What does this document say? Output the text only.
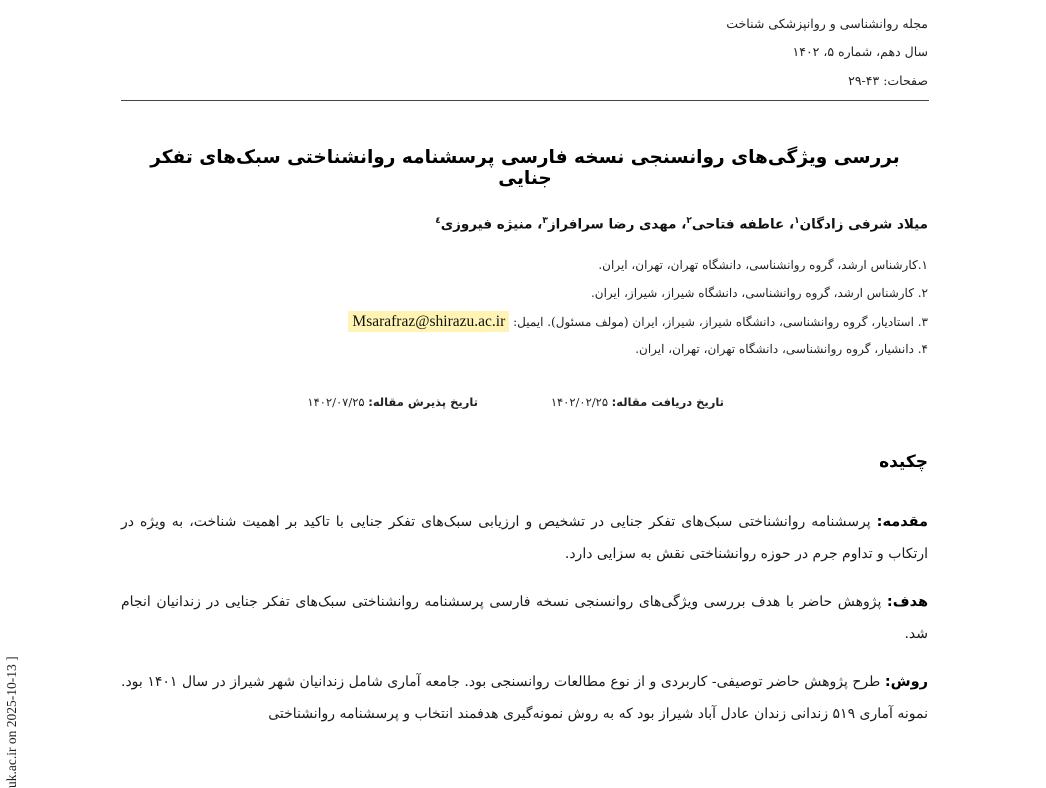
مجله روانشناسی و روانپزشکی شناخت
سال دهم، شماره ۵، ۱۴۰۲
صفحات: ۴۳-۲۹
بررسی ویژگی‌های روانسنجی نسخه فارسی پرسشنامه روانشناختی سبک‌های تفکر جنایی
میلاد شرفی زادگان$^۱$، عاطفه فتاحی$^۲$، مهدی رضا سرافراز$^۳$، منیژه فیروزی$^٤$
۱.کارشناس ارشد، گروه روانشناسی، دانشگاه تهران، تهران، ایران.
۲. کارشناس ارشد، گروه روانشناسی، دانشگاه شیراز، شیراز، ایران.
۳. استادیار، گروه روانشناسی، دانشگاه شیراز، شیراز، ایران (مولف مسئول). ایمیل: Msarafraz@shirazu.ac.ir
۴. دانشیار، گروه روانشناسی، دانشگاه تهران، تهران، ایران.
تاریخ دریافت مقاله: ۱۴۰۲/۰۲/۲۵
تاریخ پذیرش مقاله: ۱۴۰۲/۰۷/۲۵
چکیده
مقدمه: پرسشنامه روانشناختی سبک‌های تفکر جنایی در تشخیص و ارزیابی سبک‌های تفکر جنایی با تاکید بر اهمیت شناخت، به ویژه در ارتکاب و تداوم جرم در حوزه روانشناختی نقش به سزایی دارد.
هدف: پژوهش حاضر با هدف بررسی ویژگی‌های روانسنجی نسخه فارسی پرسشنامه روانشناختی سبک‌های تفکر جنایی در زندانیان انجام شد.
روش: طرح پژوهش حاضر توصیفی- کاربردی و از نوع مطالعات روانسنجی بود. جامعه آماری شامل زندانیان شهر شیراز در سال ۱۴۰۱ بود. نمونه آماری ۵۱۹ زندانی زندان عادل آباد شیراز بود که به روش نمونه‌گیری هدفمند انتخاب و پرسشنامه روانشناختی
uk.ac.ir on 2025-10-13 ]
